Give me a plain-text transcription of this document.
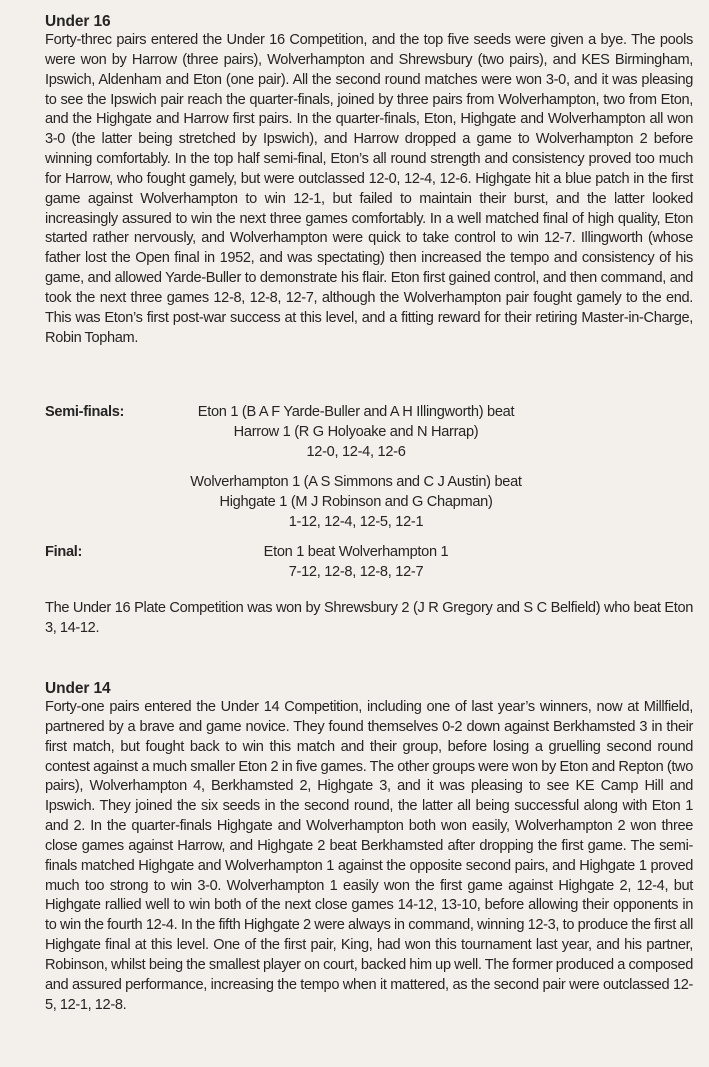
Under 16

Forty-threc pairs entered the Under 16 Competition, and the top five seeds were given a bye. The pools were won by Harrow (three pairs), Wolverhampton and Shrewsbury (two pairs), and KES Birmingham, Ipswich, Aldenham and Eton (one pair). All the second round matches were won 3-0, and it was pleasing to see the Ipswich pair reach the quarter-finals, joined by three pairs from Wolverhampton, two from Eton, and the Highgate and Harrow first pairs. In the quarter-finals, Eton, Highgate and Wolverhampton all won 3-0 (the latter being stretched by Ipswich), and Harrow dropped a game to Wolverhampton 2 before winning comfortably. In the top half semi-final, Eton’s all round strength and consistency proved too much for Harrow, who fought gamely, but were outclassed 12-0, 12-4, 12-6. Highgate hit a blue patch in the first game against Wolverhampton to win 12-1, but failed to maintain their burst, and the latter looked increasingly assured to win the next three games comfortably. In a well matched final of high quality, Eton started rather nervously, and Wolverhampton were quick to take control to win 12-7. Illingworth (whose father lost the Open final in 1952, and was spectating) then increased the tempo and consistency of his game, and allowed Yarde-Buller to demonstrate his flair. Eton first gained control, and then command, and took the next three games 12-8, 12-8, 12-7, although the Wolverhampton pair fought gamely to the end. This was Eton’s first post-war success at this level, and a fitting reward for their retiring Master-in-Charge, Robin Topham.

Semi-finals:	Eton 1 (B A F Yarde-Buller and A H Illingworth) beat
Harrow 1 (R G Holyoake and N Harrap)
12-0, 12-4, 12-6
Wolverhampton 1 (A S Simmons and C J Austin) beat
Highgate 1 (M J Robinson and G Chapman)
1-12, 12-4, 12-5, 12-1
Final:	Eton 1 beat Wolverhampton 1
7-12, 12-8, 12-8, 12-7

The Under 16 Plate Competition was won by Shrewsbury 2 (J R Gregory and S C Belfield) who beat Eton 3, 14-12.

Under 14

Forty-one pairs entered the Under 14 Competition, including one of last year’s winners, now at Millfield, partnered by a brave and game novice. They found themselves 0-2 down against Berkhamsted 3 in their first match, but fought back to win this match and their group, before losing a gruelling second round contest against a much smaller Eton 2 in five games. The other groups were won by Eton and Repton (two pairs), Wolverhampton 4, Berkhamsted 2, Highgate 3, and it was pleasing to see KE Camp Hill and Ipswich. They joined the six seeds in the second round, the latter all being successful along with Eton 1 and 2. In the quarter-finals Highgate and Wolverhampton both won easily, Wolverhampton 2 won three close games against Harrow, and Highgate 2 beat Berkhamsted after dropping the first game. The semi-finals matched Highgate and Wolverhampton 1 against the opposite second pairs, and Highgate 1 proved much too strong to win 3-0. Wolverhampton 1 easily won the first game against Highgate 2, 12-4, but Highgate rallied well to win both of the next close games 14-12, 13-10, before allowing their opponents in to win the fourth 12-4. In the fifth Highgate 2 were always in command, winning 12-3, to produce the first all Highgate final at this level. One of the first pair, King, had won this tournament last year, and his partner, Robinson, whilst being the smallest player on court, backed him up well. The former produced a composed and assured performance, increasing the tempo when it mattered, as the second pair were outclassed 12-5, 12-1, 12-8.
